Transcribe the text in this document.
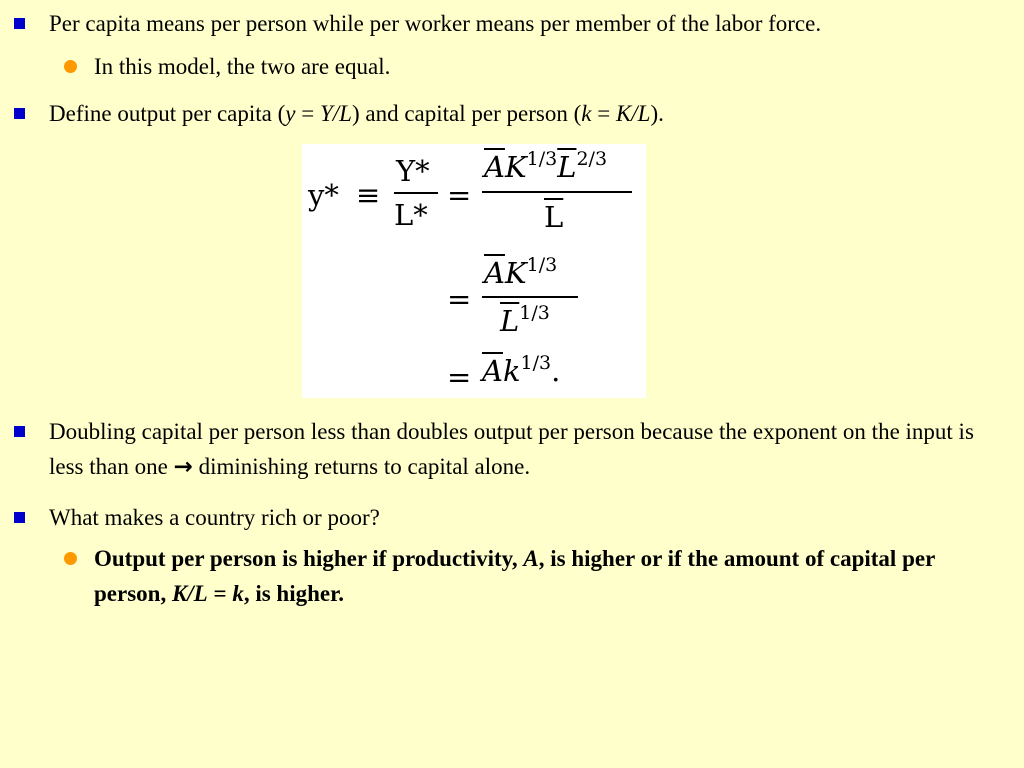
Per capita means per person while per worker means per member of the labor force.
In this model, the two are equal.
Define output per capita (y = Y/L) and capital per person (k = K/L).
y* ≡
Y*
L*
=
$\overline{A}K^{1/3}\overline{L}^{2/3}$
$\overline{L}$
=
$\overline{A}K^{1/3}$
$\overline{L}^{1/3}$
= $\overline{A}k^{1/3}$.
Doubling capital per person less than doubles output per person because the exponent on the input is less than one → diminishing returns to capital alone.
What makes a country rich or poor?
Output per person is higher if productivity, A, is higher or if the amount of capital per person, K/L = k, is higher.
